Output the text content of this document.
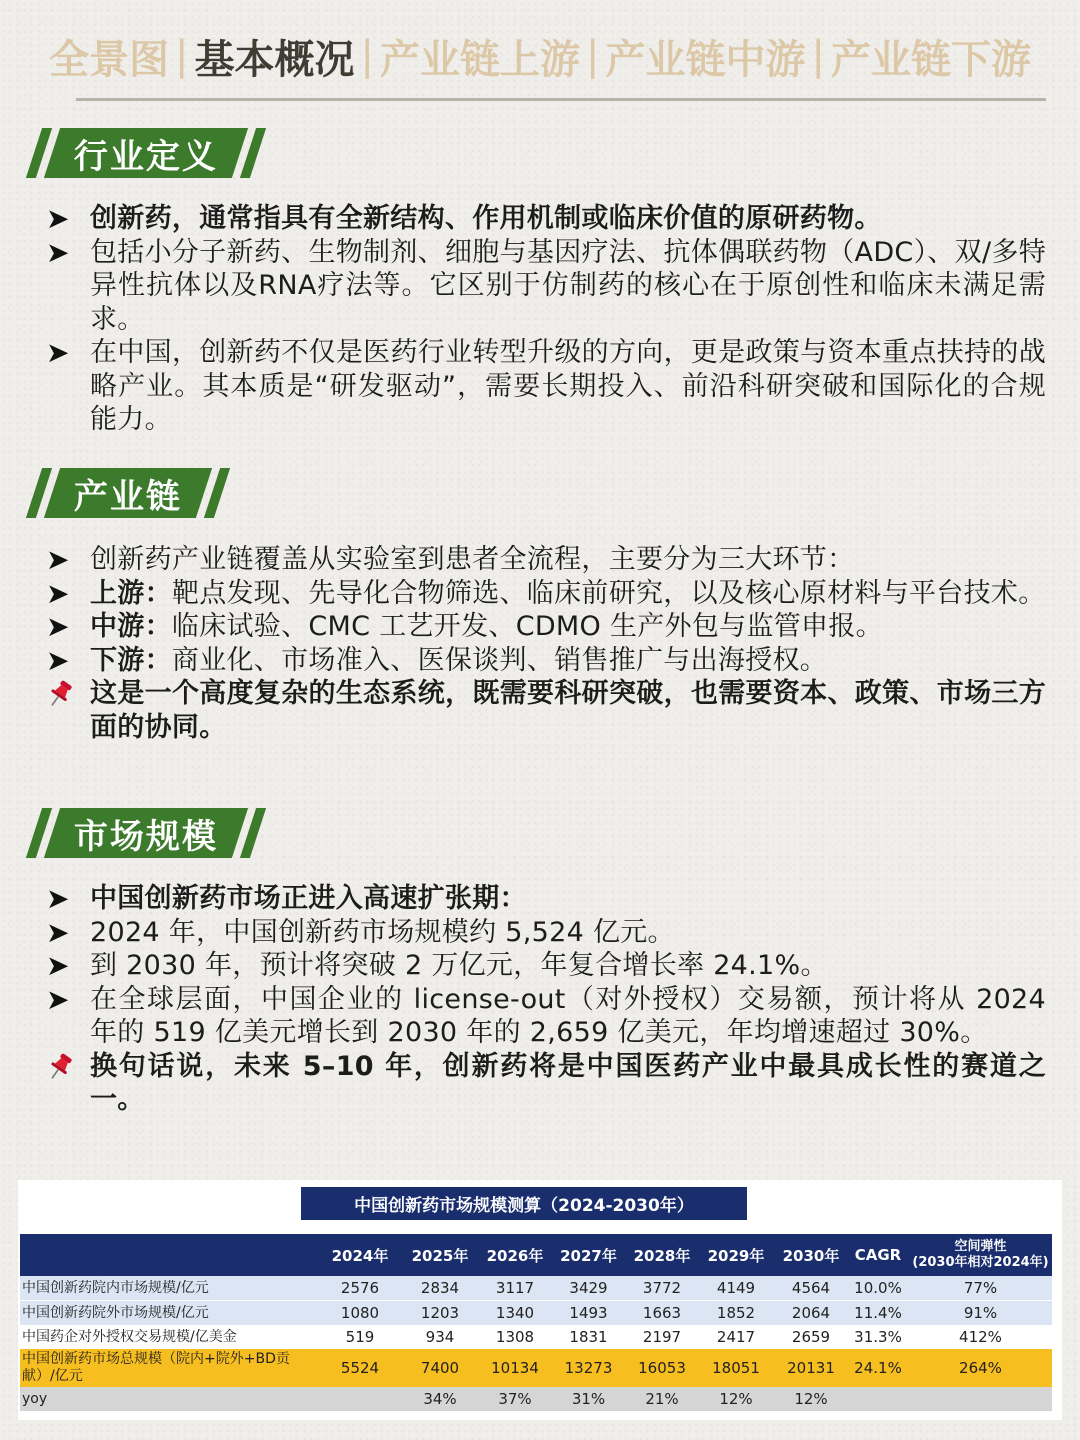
全景图 | 基本概况 | 产业链上游 | 产业链中游 | 产业链下游
行业定义
➤ 创新药，通常指具有全新结构、作用机制或临床价值的原研药物。
➤ 包括小分子新药、生物制剂、细胞与基因疗法、抗体偶联药物（ADC）、双/多特异性抗体以及RNA疗法等。它区别于仿制药的核心在于原创性和临床未满足需求。
➤ 在中国，创新药不仅是医药行业转型升级的方向，更是政策与资本重点扶持的战略产业。其本质是“研发驱动”，需要长期投入、前沿科研突破和国际化的合规能力。
产业链
➤ 创新药产业链覆盖从实验室到患者全流程，主要分为三大环节：
➤ 上游：靶点发现、先导化合物筛选、临床前研究，以及核心原材料与平台技术。
➤ 中游：临床试验、CMC 工艺开发、CDMO 生产外包与监管申报。
➤ 下游：商业化、市场准入、医保谈判、销售推广与出海授权。
这是一个高度复杂的生态系统，既需要科研突破，也需要资本、政策、市场三方面的协同。
市场规模
➤ 中国创新药市场正进入高速扩张期：
➤ 2024 年，中国创新药市场规模约 5,524 亿元。
➤ 到 2030 年，预计将突破 2 万亿元，年复合增长率 24.1%。
➤ 在全球层面，中国企业的 license-out（对外授权）交易额，预计将从 2024 年的 519 亿美元增长到 2030 年的 2,659 亿美元，年均增速超过 30%。
换句话说，未来 5–10 年，创新药将是中国医药产业中最具成长性的赛道之一。
中国创新药市场规模测算（2024-2030年）
	2024年	2025年	2026年	2027年	2028年	2029年	2030年	CAGR	空间弹性
(2030年相对2024年)
中国创新药院内市场规模/亿元	2576	2834	3117	3429	3772	4149	4564	10.0%	77%
中国创新药院外市场规模/亿元	1080	1203	1340	1493	1663	1852	2064	11.4%	91%
中国药企对外授权交易规模/亿美金	519	934	1308	1831	2197	2417	2659	31.3%	412%
中国创新药市场总规模（院内+院外+BD贡献）/亿元	5524	7400	10134	13273	16053	18051	20131	24.1%	264%
yoy		34%	37%	31%	21%	12%	12%		
